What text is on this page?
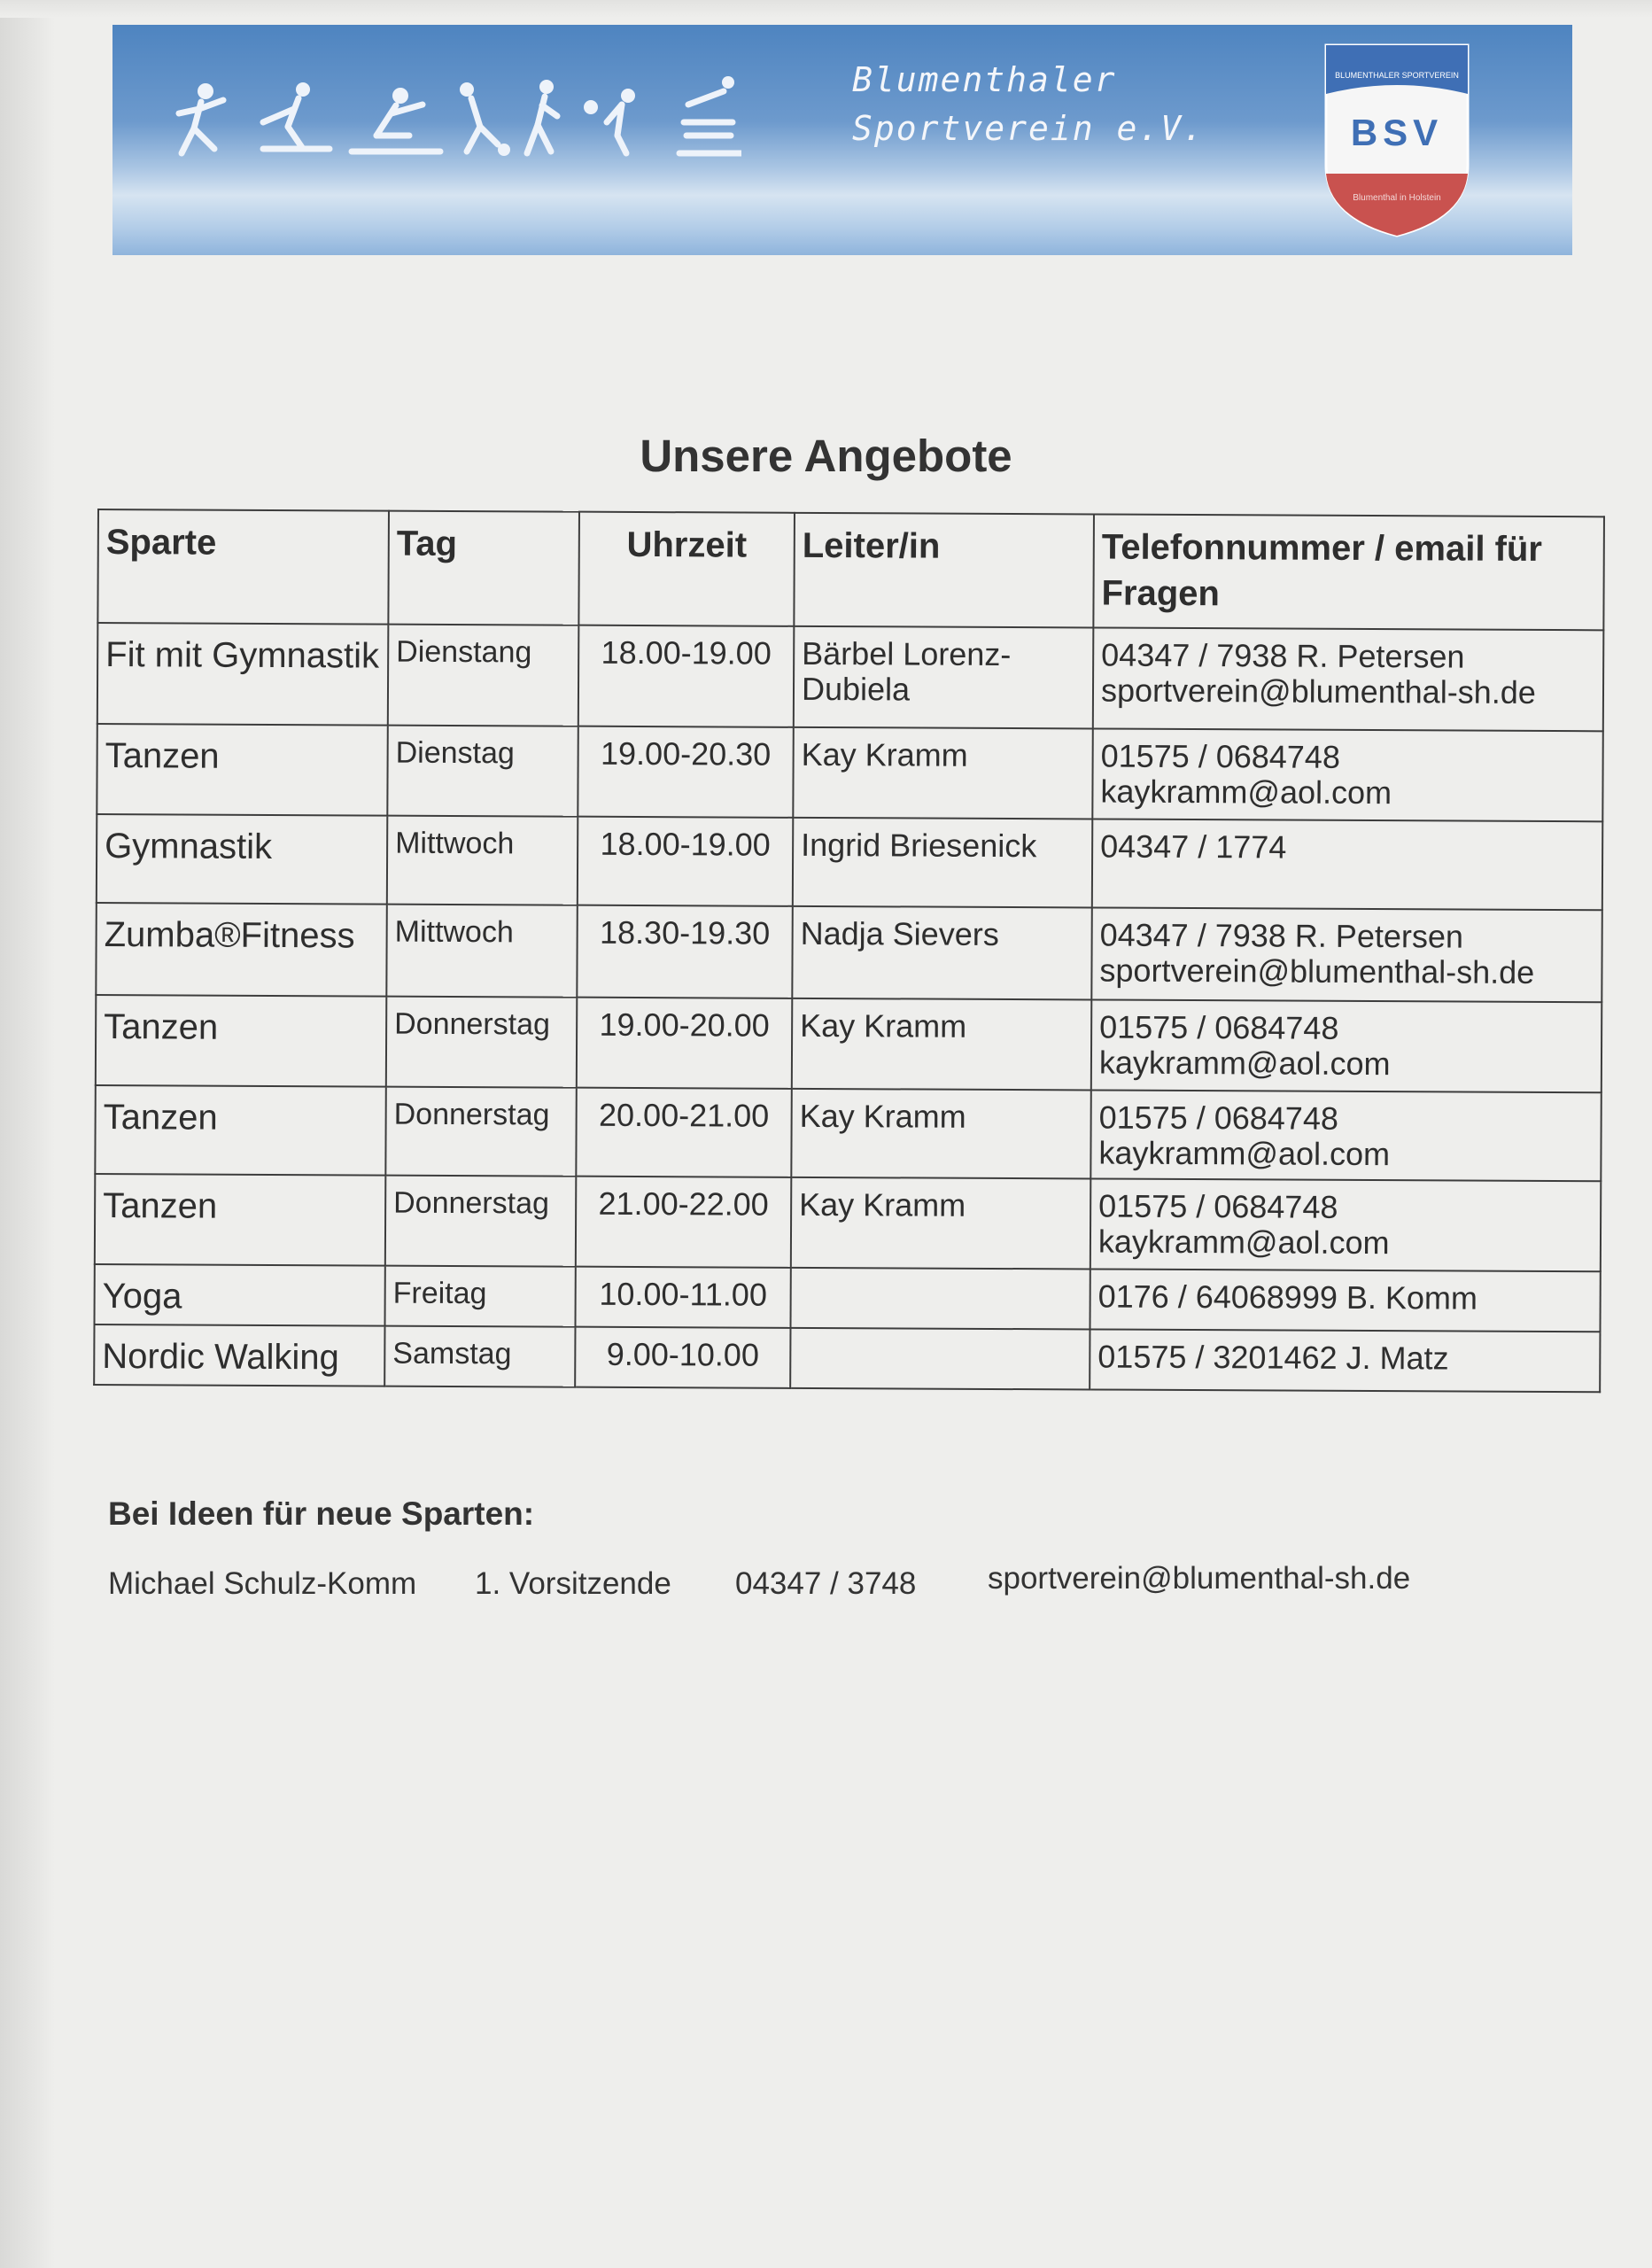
Blumenthaler
Sportverein e.V.	BSV
BLUMENTHALER SPORTVEREIN
Blumenthal in Holstein
Unsere Angebote
Sparte	Tag	Uhrzeit	Leiter/in	Telefonnummer / email für Fragen
Fit mit Gymnastik	Dienstang	18.00-19.00	Bärbel Lorenz-Dubiela	04347 / 7938 R. Petersen
sportverein@blumenthal-sh.de

Tanzen	Dienstag	19.00-20.30	Kay Kramm	01575 / 0684748
kaykramm@aol.com

Gymnastik	Mittwoch	18.00-19.00	Ingrid Briesenick	04347 / 1774

Zumba®Fitness	Mittwoch	18.30-19.30	Nadja Sievers	04347 / 7938 R. Petersen
sportverein@blumenthal-sh.de

Tanzen	Donnerstag	19.00-20.00	Kay Kramm	01575 / 0684748
kaykramm@aol.com

Tanzen	Donnerstag	20.00-21.00	Kay Kramm	01575 / 0684748
kaykramm@aol.com

Tanzen	Donnerstag	21.00-22.00	Kay Kramm	01575 / 0684748
kaykramm@aol.com

Yoga	Freitag	10.00-11.00		0176 / 64068999 B. Komm

Nordic Walking	Samstag	9.00-10.00		01575 / 3201462 J. Matz
Bei Ideen für neue Sparten:
Michael Schulz-Komm 1. Vorsitzende 04347 / 3748 sportverein@blumenthal-sh.de
